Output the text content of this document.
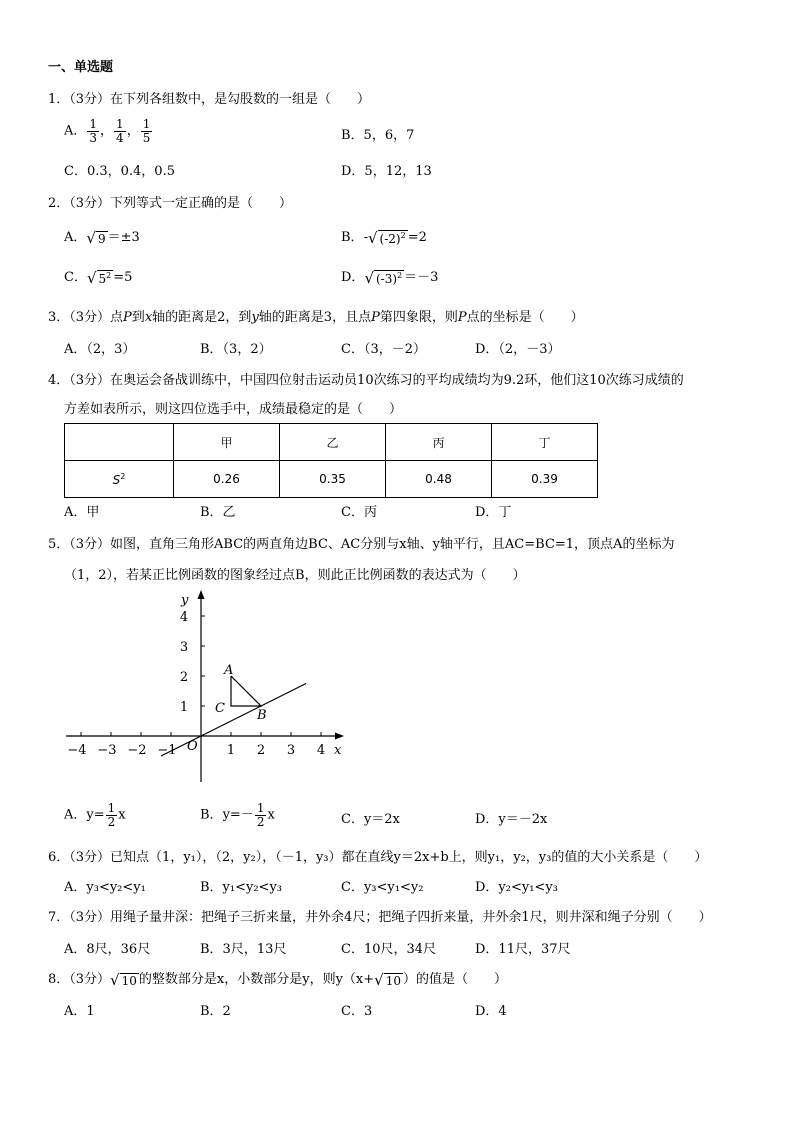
一、单选题
1．（3分）在下列各组数中，是勾股数的一组是（　　）
A． $\frac{1}{3}$ ， $\frac{1}{4}$ ， $\frac{1}{5}$	B．5，6，7
C．0.3，0.4，0.5	D．5，12，13
2．（3分）下列等式一定正确的是（　　）
A．√ 9 ＝±3	B．-√ $(-2)^2 =2$
C．√ $5^2 =5$	D．√ $(-3)^2 =-3$
3．（3分）点P到x轴的距离是2，到y轴的距离是3，且点P第四象限，则P点的坐标是（　　）
A．（2，3）	B．（3，2）	C．（3，－2）	D．（2，－3）
4．（3分）在奥运会备战训练中，中国四位射击运动员10次练习的平均成绩均为9.2环，他们这10次练习成绩的
方差如表所示，则这四位选手中，成绩最稳定的是（　　）
	甲	乙	丙	丁
$S^2$	0.26	0.35	0.48	0.39
A．甲	B．乙	C．丙	D．丁
5．（3分）如图，直角三角形ABC的两直角边BC、AC分别与x轴、y轴平行，且AC=BC=1，顶点A的坐标为
（1，2），若某正比例函数的图象经过点B，则此正比例函数的表达式为（　　）
−4 −3 −2 −1	1 2 3 4
1
2
3
4
O	x
y
A
C B
A．$y= \frac{1}{2}$ x	B．$y=- \frac{1}{2}$ x	C．y＝2x	D．y＝－2x
6．（3分）已知点（1，y₁），（2，y₂），（－1，y₃）都在直线y＝2x+b上，则y₁，y₂，y₃的值的大小关系是（　　）
A．y₃<y₂<y₁	B．y₁<y₂<y₃	C．y₃<y₁<y₂	D．y₂<y₁<y₃
7．（3分）用绳子量井深：把绳子三折来量，井外余4尺；把绳子四折来量，井外余1尺，则井深和绳子分别（　　）
A．8尺，36尺	B．3尺，13尺	C．10尺，34尺	D．11尺，37尺
8．（3分）√ 10 的整数部分是x，小数部分是y，则y（x+√ 10 ）的值是（　　）
A．1	B．2	C．3	D．4
